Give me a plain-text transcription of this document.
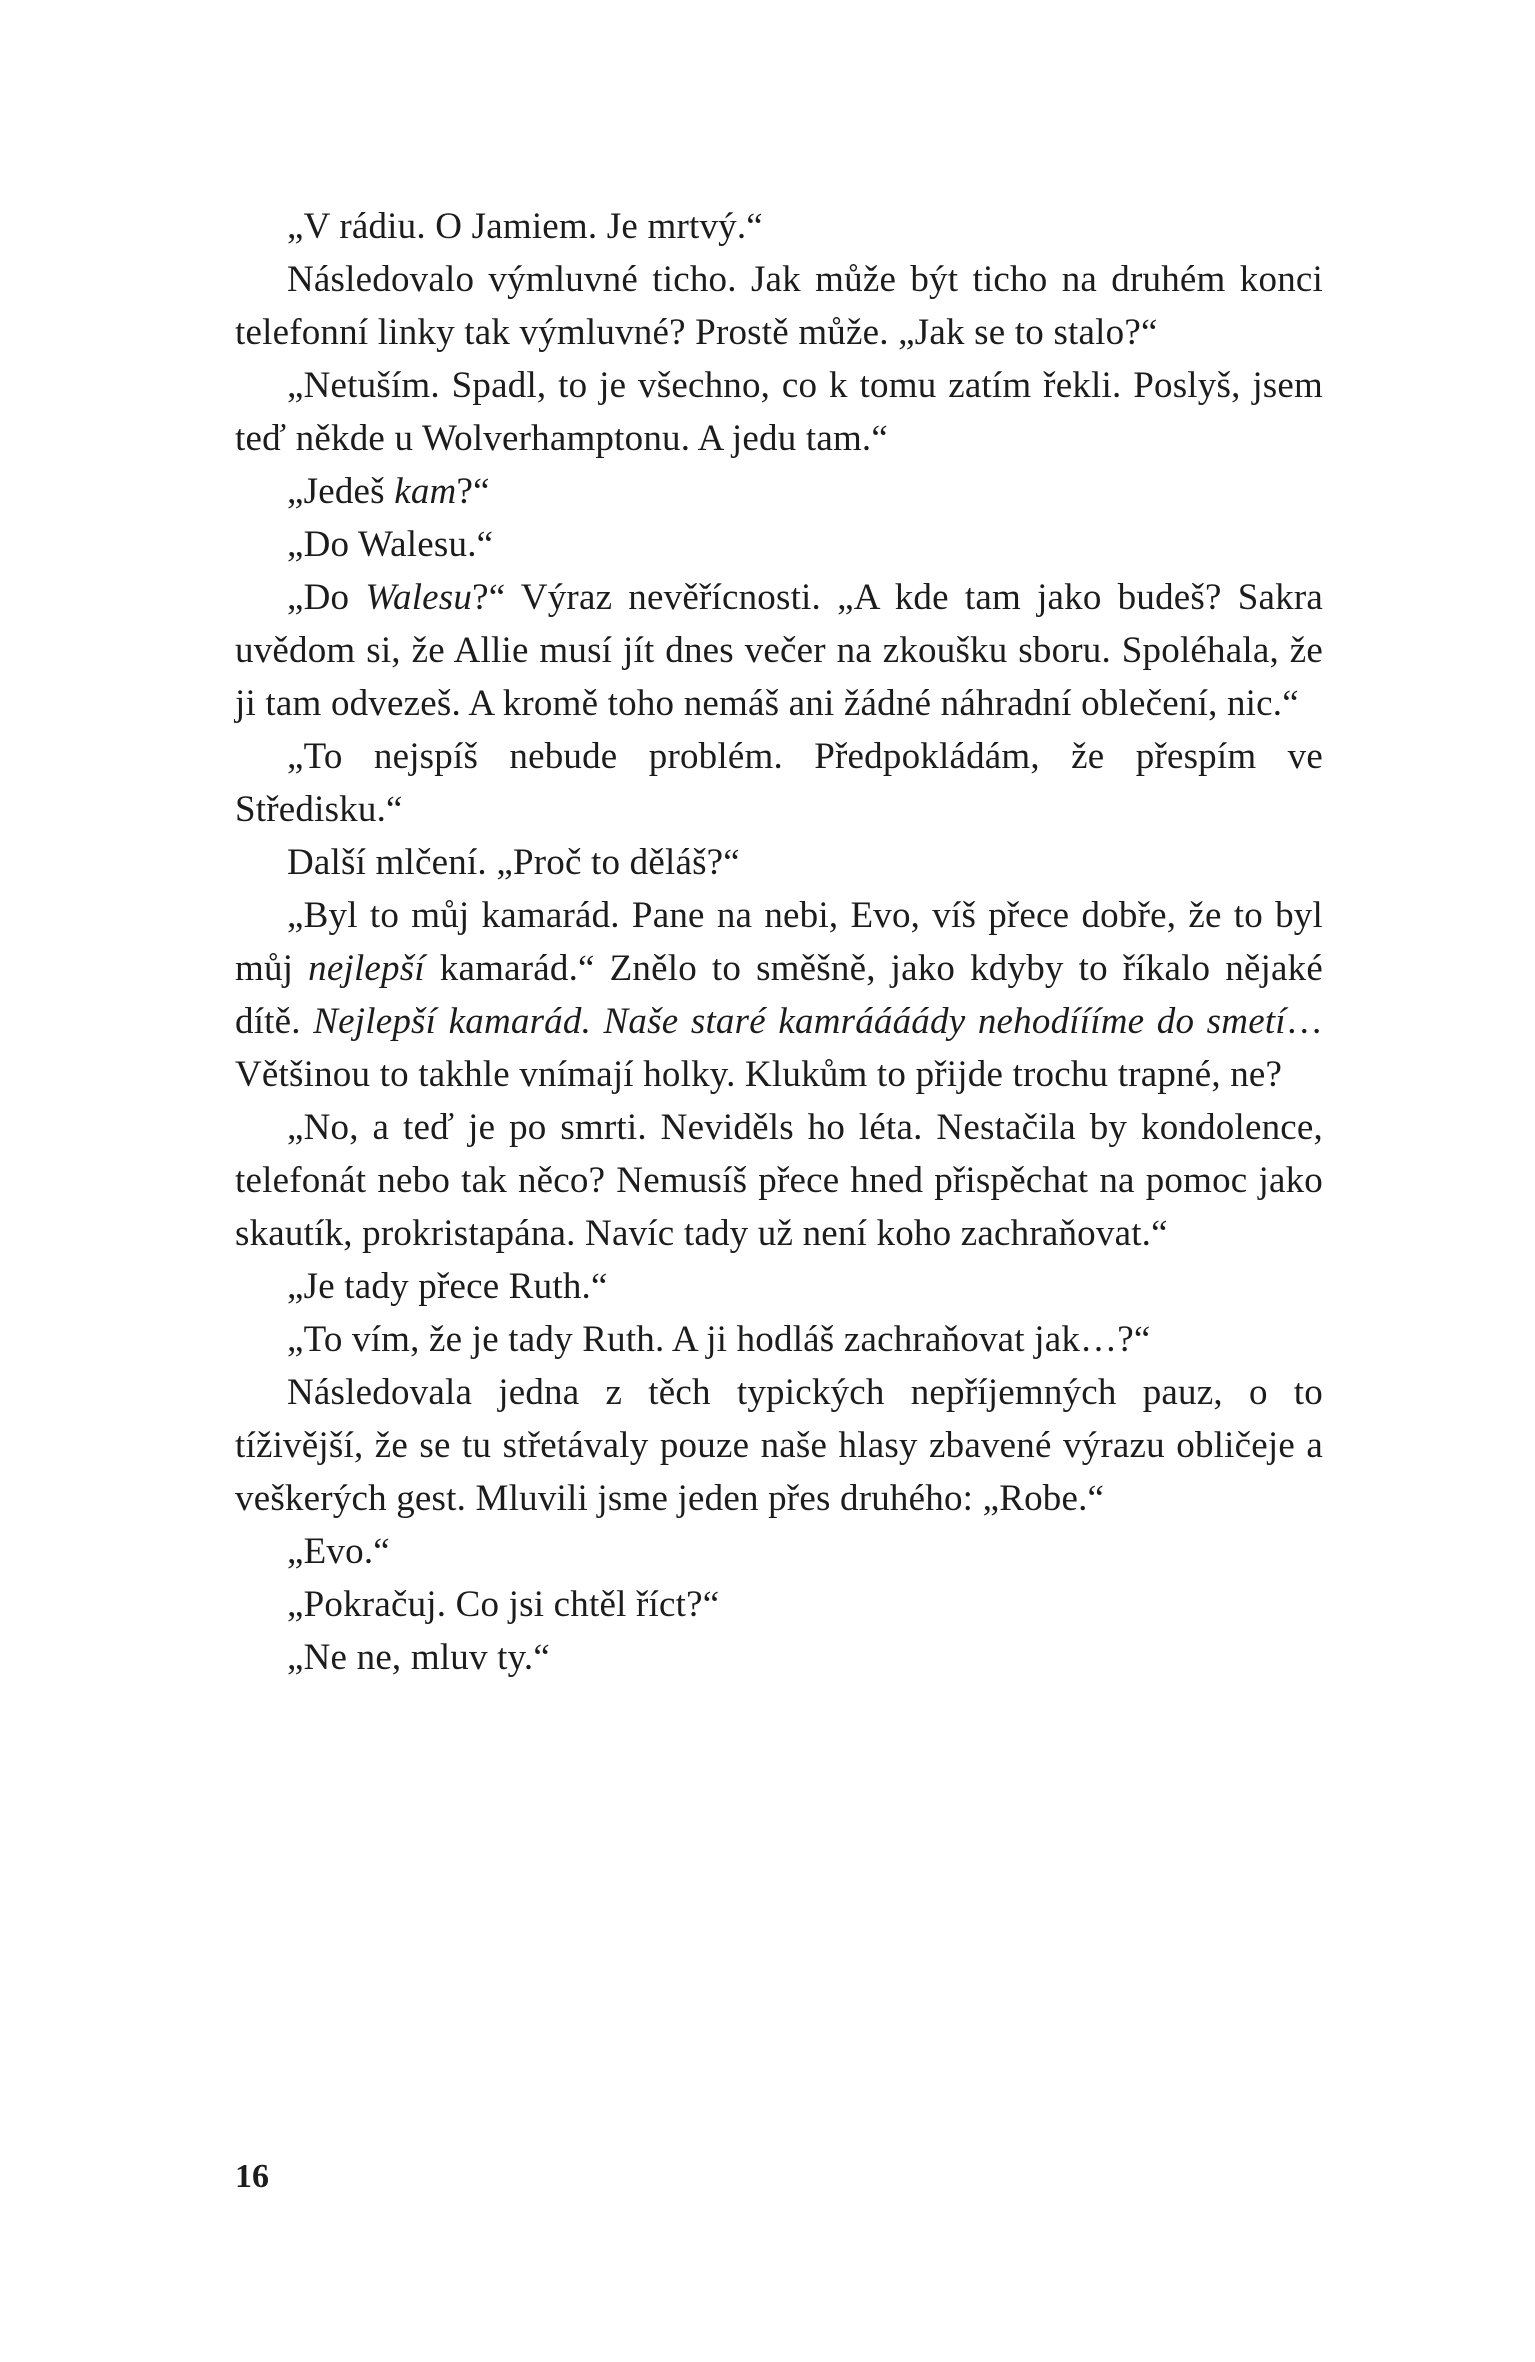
„V rádiu. O Jamiem. Je mrtvý.“

Následovalo výmluvné ticho. Jak může být ticho na druhém konci telefonní linky tak výmluvné? Prostě může. „Jak se to stalo?“

„Netuším. Spadl, to je všechno, co k tomu zatím řekli. Poslyš, jsem teď někde u Wolverhamptonu. A jedu tam.“

„Jedeš kam?“

„Do Walesu.“

„Do Walesu?“ Výraz nevěřícnosti. „A kde tam jako budeš? Sakra uvědom si, že Allie musí jít dnes večer na zkoušku sboru. Spoléhala, že ji tam odvezeš. A kromě toho nemáš ani žádné náhradní oblečení, nic.“

„To nejspíš nebude problém. Předpokládám, že přespím ve Středisku.“

Další mlčení. „Proč to děláš?“

„Byl to můj kamarád. Pane na nebi, Evo, víš přece dobře, že to byl můj nejlepší kamarád.“ Znělo to směšně, jako kdyby to říkalo nějaké dítě. Nejlepší kamarád. Naše staré kamráááády nehodíííme do smetí… Většinou to takhle vnímají holky. Klukům to přijde trochu trapné, ne?

„No, a teď je po smrti. Neviděls ho léta. Nestačila by kondolence, telefonát nebo tak něco? Nemusíš přece hned přispěchat na pomoc jako skautík, prokristapána. Navíc tady už není koho zachraňovat.“

„Je tady přece Ruth.“

„To vím, že je tady Ruth. A ji hodláš zachraňovat jak…?“

Následovala jedna z těch typických nepříjemných pauz, o to tíživější, že se tu střetávaly pouze naše hlasy zbavené výrazu obličeje a veškerých gest. Mluvili jsme jeden přes druhého: „Robe.“

„Evo.“

„Pokračuj. Co jsi chtěl říct?“

„Ne ne, mluv ty.“

16
